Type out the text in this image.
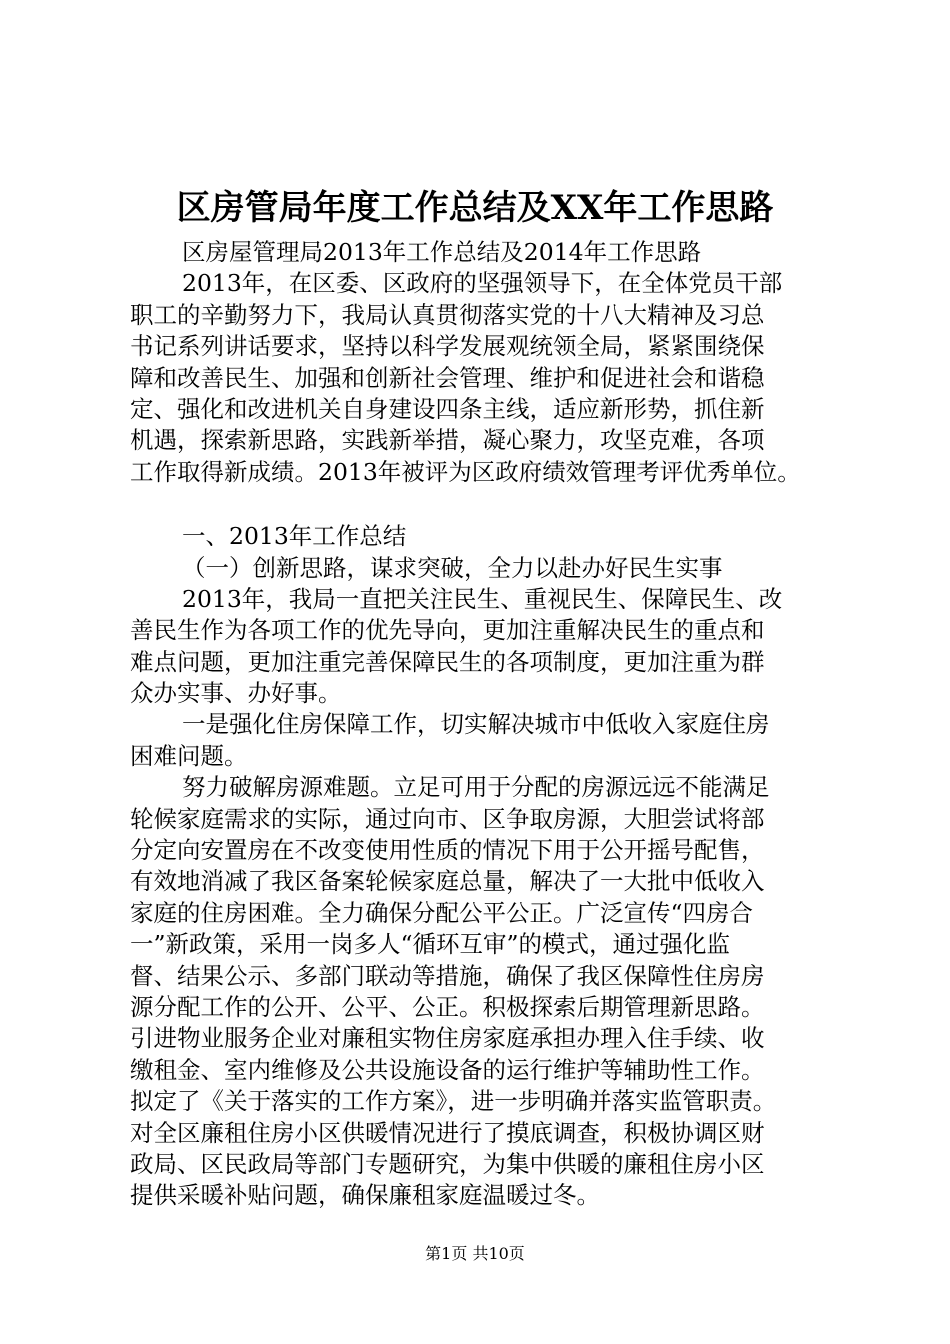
区房管局年度工作总结及XX年工作思路
区房屋管理局2013年工作总结及2014年工作思路
2013年，在区委、区政府的坚强领导下，在全体党员干部
职工的辛勤努力下，我局认真贯彻落实党的十八大精神及习总
书记系列讲话要求，坚持以科学发展观统领全局，紧紧围绕保
障和改善民生、加强和创新社会管理、维护和促进社会和谐稳
定、强化和改进机关自身建设四条主线，适应新形势，抓住新
机遇，探索新思路，实践新举措，凝心聚力，攻坚克难，各项
工作取得新成绩。2013年被评为区政府绩效管理考评优秀单位。
一、2013年工作总结
（一）创新思路，谋求突破，全力以赴办好民生实事
2013年，我局一直把关注民生、重视民生、保障民生、改
善民生作为各项工作的优先导向，更加注重解决民生的重点和
难点问题，更加注重完善保障民生的各项制度，更加注重为群
众办实事、办好事。
一是强化住房保障工作，切实解决城市中低收入家庭住房
困难问题。
努力破解房源难题。立足可用于分配的房源远远不能满足
轮候家庭需求的实际，通过向市、区争取房源，大胆尝试将部
分定向安置房在不改变使用性质的情况下用于公开摇号配售，
有效地消减了我区备案轮候家庭总量，解决了一大批中低收入
家庭的住房困难。全力确保分配公平公正。广泛宣传“四房合
一”新政策，采用一岗多人“循环互审”的模式，通过强化监
督、结果公示、多部门联动等措施，确保了我区保障性住房房
源分配工作的公开、公平、公正。积极探索后期管理新思路。
引进物业服务企业对廉租实物住房家庭承担办理入住手续、收
缴租金、室内维修及公共设施设备的运行维护等辅助性工作。
拟定了《关于落实的工作方案》，进一步明确并落实监管职责。
对全区廉租住房小区供暖情况进行了摸底调查，积极协调区财
政局、区民政局等部门专题研究，为集中供暖的廉租住房小区
提供采暖补贴问题，确保廉租家庭温暖过冬。
第1页 共10页
